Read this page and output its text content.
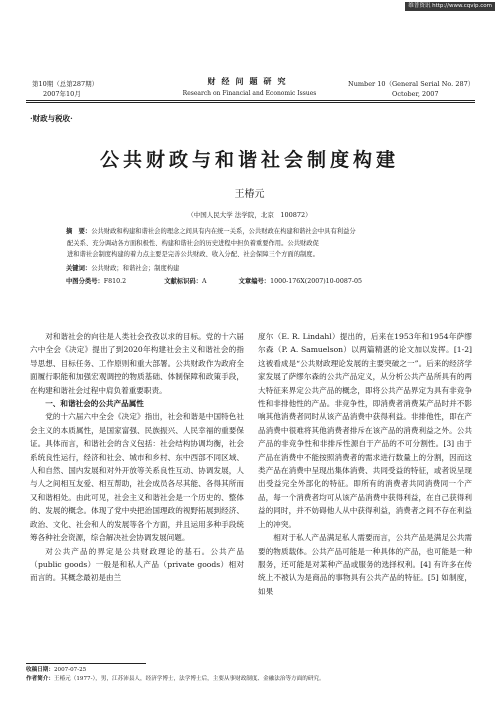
维普资讯 http://www.cqvip.com
第10期（总第287期）
2007年10月
财经问题研究
Research on Financial and Economic Issues
Number 10（General Serial No. 287）
October, 2007
·财政与税收·
公共财政与和谐社会制度构建
王椿元
（中国人民大学 法学院，北京　100872）
摘　要：公共财政和构建和谐社会的理念之间具有内在统一关系，公共财政在构建和谐社会中具有利益分
配关系、充分调动各方面积极性、构建和谐社会的历史进程中担负着重要作用。公共财政促
进和谐社会制度构建的着力点主要是完善公共财政、收入分配、社会保障三个方面的制度。
关键词：公共财政；和谐社会；制度构建
中图分类号：F810.2	文献标识码：A	文章编号：1000-176X(2007)10-0087-05

对和谐社会的向往是人类社会孜孜以求的目标。党的十六届六中全会《决定》提出了到2020年构建社会主义和谐社会的指导思想、目标任务、工作原则和重大部署。公共财政作为政府全面履行职能和加强宏观调控的物质基础、体制保障和政策手段，在构建和谐社会过程中肩负着重要职责。

一、和谐社会的公共产品属性

党的十六届六中全会《决定》指出，社会和谐是中国特色社会主义的本质属性，是国家富强、民族振兴、人民幸福的重要保证。具体而言，和谐社会的含义包括：社会结构协调均衡，社会系统良性运行，经济和社会、城市和乡村、东中西部不同区域、人和自然、国内发展和对外开放等关系良性互动、协调发展，人与人之间相互友爱、相互帮助，社会成员各尽其能、各得其所而又和谐相处。由此可见，社会主义和谐社会是一个历史的、整体的、发展的概念。体现了党中央把治国理政的视野拓展到经济、政治、文化、社会和人的发展等各个方面，并且运用多种手段统筹各种社会资源，综合解决社会协调发展问题。

对公共产品的界定是公共财政理论的基石。公共产品（public goods）一般是和私人产品（private goods）相对而言的。其概念最初是由兰

度尔（E. R. Lindahl）提出的，后来在1953年和1954年萨缪尔森（P. A. Samuelson）以两篇精湛的论文加以发挥。[1-2] 这被看成是“公共财政理论发展的主要突破之一”。后来的经济学家发展了萨缪尔森的公共产品定义，从分析公共产品所具有的两大特征来界定公共产品的概念，即将公共产品界定为具有非竞争性和非排他性的产品。非竞争性，即消费者消费某产品时并不影响其他消费者同时从该产品消费中获得利益。非排他性，即在产品消费中很难将其他消费者排斥在该产品的消费利益之外。公共产品的非竞争性和非排斥性源自于产品的不可分割性。[3] 由于产品在消费中不能按照消费者的需求进行数量上的分割，因而这类产品在消费中呈现出集体消费、共同受益的特征，或者说呈现出受益完全外部化的特征。即所有的消费者共同消费同一个产品，每一个消费者均可从该产品消费中获得利益，在自己获得利益的同时，并不妨碍他人从中获得利益，消费者之间不存在利益上的冲突。

相对于私人产品满足私人需要而言，公共产品是满足公共需要的物质载体。公共产品可能是一种具体的产品，也可能是一种服务，还可能是对某种产品或服务的选择权利。[4] 有许多在传统上不被认为是商品的事物具有公共产品的特征。[5] 如制度，如果

收稿日期：2007-07-25
作者简介：王椿元（1977-），男，江苏沛县人，经济学博士，法学博士后，主要从事财政制度、金融法治等方面的研究。
